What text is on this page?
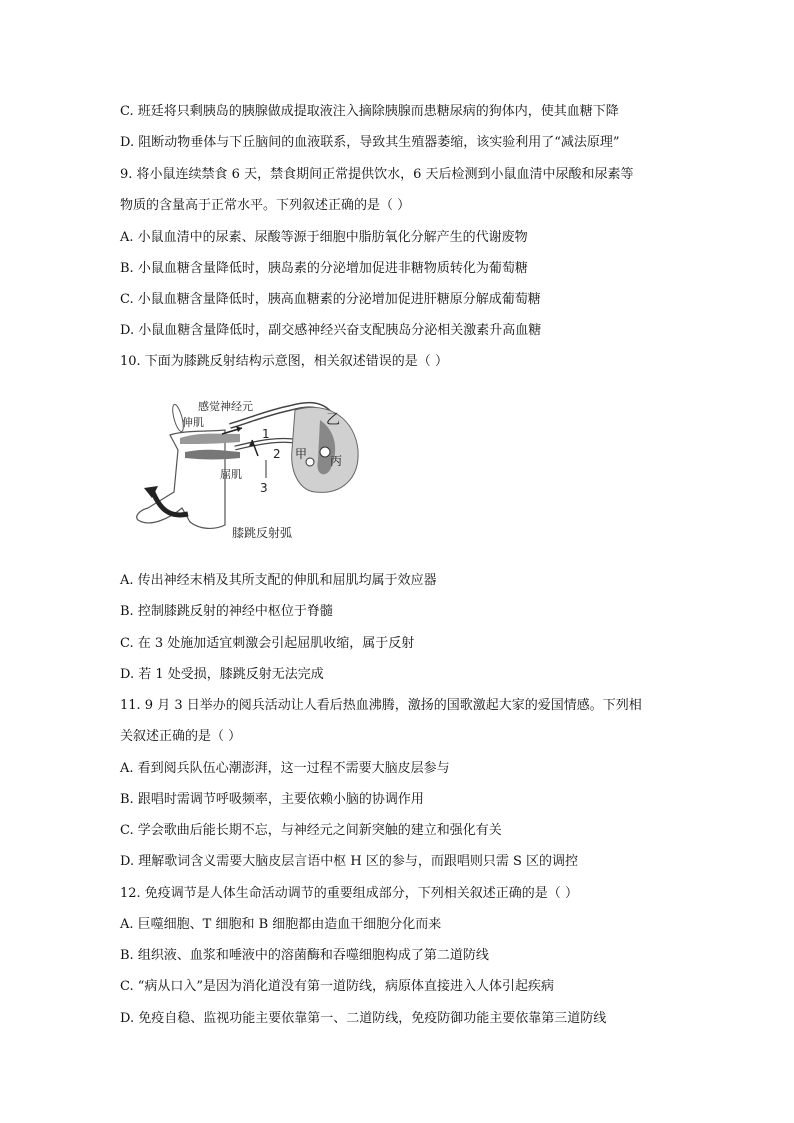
C. 班廷将只剩胰岛的胰腺做成提取液注入摘除胰腺而患糖尿病的狗体内，使其血糖下降
D. 阻断动物垂体与下丘脑间的血液联系，导致其生殖器萎缩，该实验利用了“减法原理”
9. 将小鼠连续禁食 6 天，禁食期间正常提供饮水，6 天后检测到小鼠血清中尿酸和尿素等
物质的含量高于正常水平。下列叙述正确的是（ ）
A. 小鼠血清中的尿素、尿酸等源于细胞中脂肪氧化分解产生的代谢废物
B. 小鼠血糖含量降低时，胰岛素的分泌增加促进非糖物质转化为葡萄糖
C. 小鼠血糖含量降低时，胰高血糖素的分泌增加促进肝糖原分解成葡萄糖
D. 小鼠血糖含量降低时，副交感神经兴奋支配胰岛分泌相关激素升高血糖
10. 下面为膝跳反射结构示意图，相关叙述错误的是（ ）
感觉神经元
伸肌
屈肌
1
2
3
甲
乙
丙
膝跳反射弧
A. 传出神经末梢及其所支配的伸肌和屈肌均属于效应器
B. 控制膝跳反射的神经中枢位于脊髓
C. 在 3 处施加适宜刺激会引起屈肌收缩，属于反射
D. 若 1 处受损，膝跳反射无法完成
11. 9 月 3 日举办的阅兵活动让人看后热血沸腾，激扬的国歌激起大家的爱国情感。下列相
关叙述正确的是（ ）
A. 看到阅兵队伍心潮澎湃，这一过程不需要大脑皮层参与
B. 跟唱时需调节呼吸频率，主要依赖小脑的协调作用
C. 学会歌曲后能长期不忘，与神经元之间新突触的建立和强化有关
D. 理解歌词含义需要大脑皮层言语中枢 H 区的参与，而跟唱则只需 S 区的调控
12. 免疫调节是人体生命活动调节的重要组成部分，下列相关叙述正确的是（ ）
A. 巨噬细胞、T 细胞和 B 细胞都由造血干细胞分化而来
B. 组织液、血浆和唾液中的溶菌酶和吞噬细胞构成了第二道防线
C. “病从口入”是因为消化道没有第一道防线，病原体直接进入人体引起疾病
D. 免疫自稳、监视功能主要依靠第一、二道防线，免疫防御功能主要依靠第三道防线
